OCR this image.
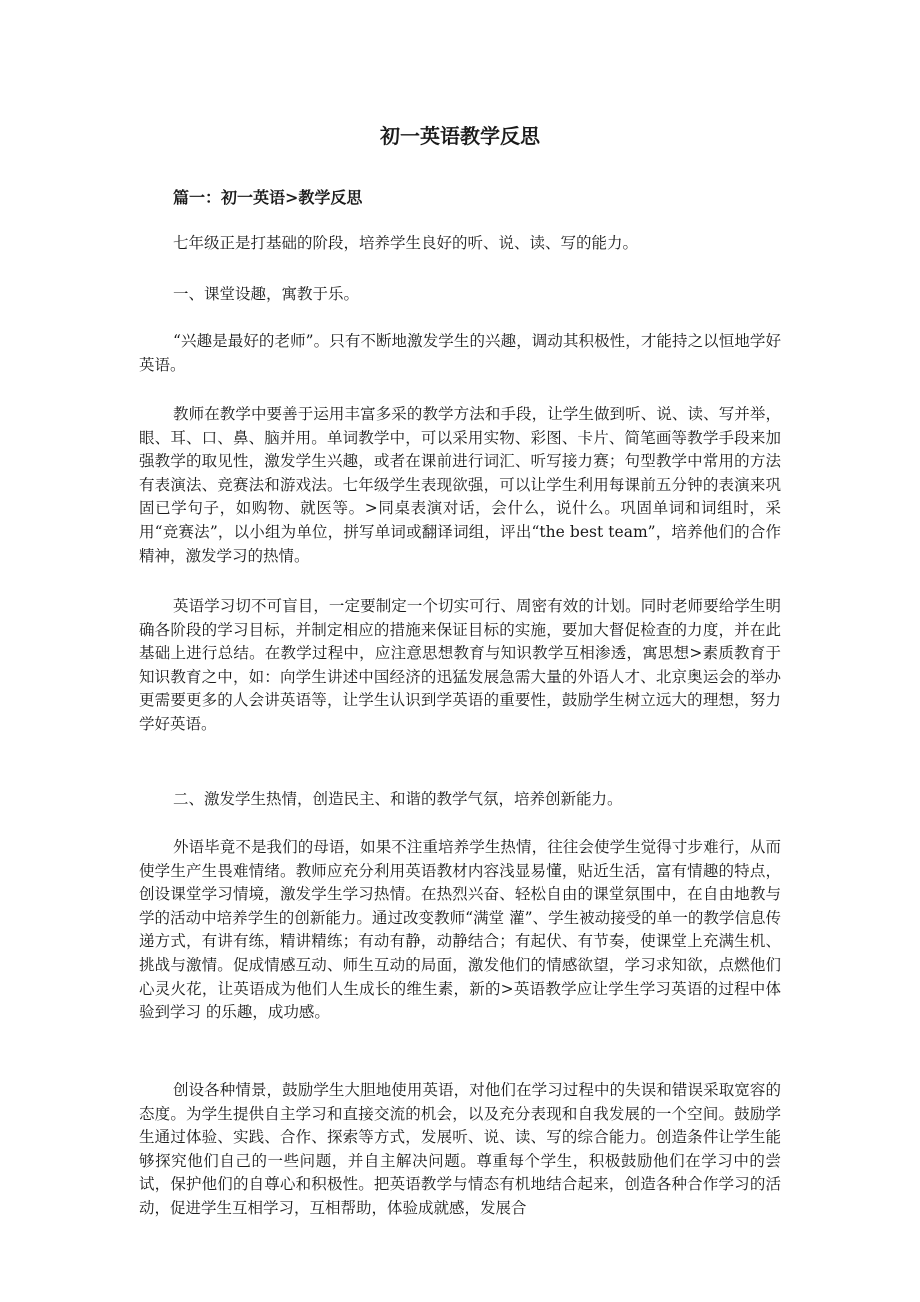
初一英语教学反思
篇一：初一英语>教学反思

七年级正是打基础的阶段，培养学生良好的听、说、读、写的能力。

一、课堂设趣，寓教于乐。

“兴趣是最好的老师”。只有不断地激发学生的兴趣，调动其积极性，才能持之以恒地学好英语。

教师在教学中要善于运用丰富多采的教学方法和手段，让学生做到听、说、读、写并举，眼、耳、口、鼻、脑并用。单词教学中，可以采用实物、彩图、卡片、简笔画等教学手段来加强教学的取见性，激发学生兴趣，或者在课前进行词汇、听写接力赛；句型教学中常用的方法有表演法、竞赛法和游戏法。七年级学生表现欲强，可以让学生利用每课前五分钟的表演来巩固已学句子，如购物、就医等。>同桌表演对话，会什么，说什么。巩固单词和词组时，采用“竞赛法”，以小组为单位，拼写单词或翻译词组，评出“the best team”，培养他们的合作精神，激发学习的热情。

英语学习切不可盲目，一定要制定一个切实可行、周密有效的计划。同时老师要给学生明确各阶段的学习目标，并制定相应的措施来保证目标的实施，要加大督促检查的力度，并在此基础上进行总结。在教学过程中，应注意思想教育与知识教学互相渗透，寓思想>素质教育于知识教育之中，如：向学生讲述中国经济的迅猛发展急需大量的外语人才、北京奥运会的举办更需要更多的人会讲英语等，让学生认识到学英语的重要性，鼓励学生树立远大的理想，努力学好英语。

二、激发学生热情，创造民主、和谐的教学气氛，培养创新能力。

外语毕竟不是我们的母语，如果不注重培养学生热情，往往会使学生觉得寸步难行，从而使学生产生畏难情绪。教师应充分利用英语教材内容浅显易懂，贴近生活，富有情趣的特点，创设课堂学习情境，激发学生学习热情。在热烈兴奋、轻松自由的课堂氛围中，在自由地教与学的活动中培养学生的创新能力。通过改变教师“满堂 灌”、学生被动接受的单一的教学信息传递方式，有讲有练，精讲精练；有动有静，动静结合；有起伏、有节奏，使课堂上充满生机、挑战与激情。促成情感互动、师生互动的局面，激发他们的情感欲望，学习求知欲，点燃他们心灵火花，让英语成为他们人生成长的维生素，新的>英语教学应让学生学习英语的过程中体验到学习 的乐趣，成功感。

创设各种情景，鼓励学生大胆地使用英语，对他们在学习过程中的失误和错误采取宽容的态度。为学生提供自主学习和直接交流的机会，以及充分表现和自我发展的一个空间。鼓励学生通过体验、实践、合作、探索等方式，发展听、说、读、写的综合能力。创造条件让学生能够探究他们自己的一些问题，并自主解决问题。尊重每个学生，积极鼓励他们在学习中的尝试，保护他们的自尊心和积极性。把英语教学与情态有机地结合起来，创造各种合作学习的活动，促进学生互相学习，互相帮助，体验成就感，发展合
